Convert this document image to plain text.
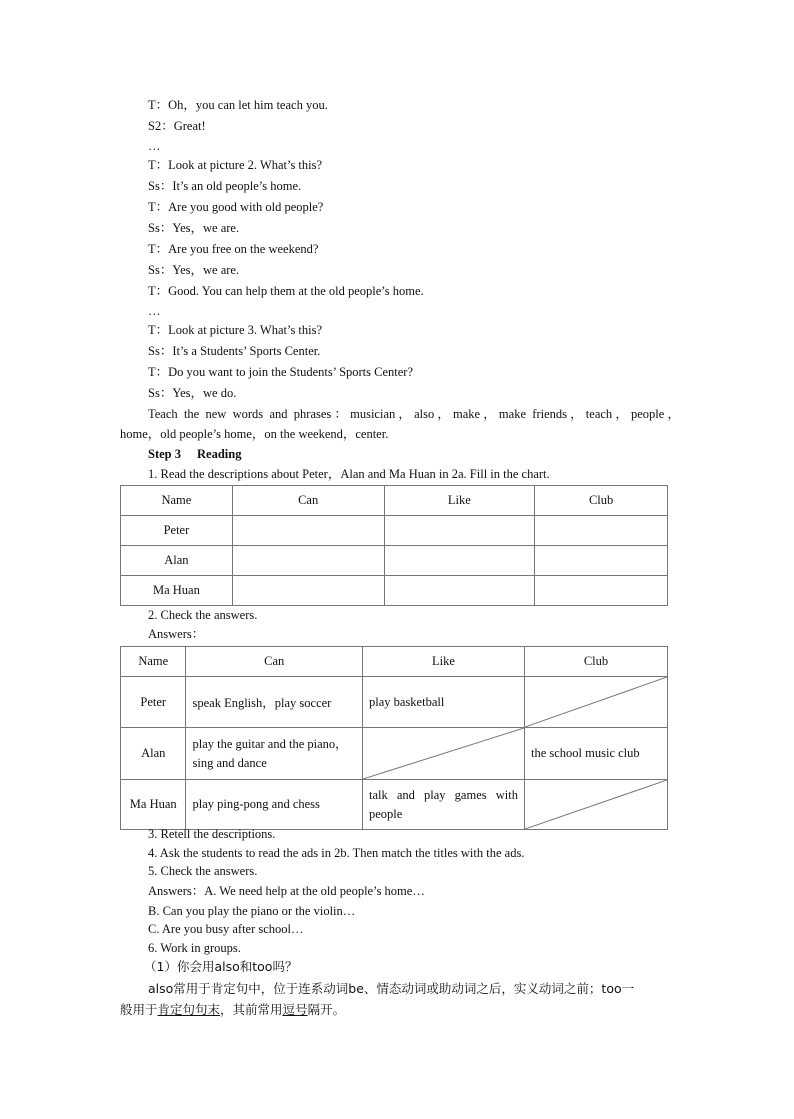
T：Oh，you can let him teach you.
S2：Great!
…
T：Look at picture 2. What’s this?
Ss：It’s an old people’s home.
T：Are you good with old people?
Ss：Yes，we are.
T：Are you free on the weekend?
Ss：Yes，we are.
T：Good. You can help them at the old people’s home.
…
T：Look at picture 3. What’s this?
Ss：It’s a Students’ Sports Center.
T：Do you want to join the Students’ Sports Center?
Ss：Yes，we do.
Teach the new words and phrases：musician，also，make，make friends，teach，people，
home，old people’s home，on the weekend，center.
Step 3 Reading
1. Read the descriptions about Peter，Alan and Ma Huan in 2a. Fill in the chart.
Name	Can	Like	Club
Peter			
Alan			
Ma Huan			
2. Check the answers.
Answers：
Name	Can	Like	Club
Peter	speak English，play soccer	play basketball	

Alan	play the guitar and the piano，
sing and dance		the school music club
Ma Huan	play ping-pong and chess	talk and play games with
people

3. Retell the descriptions.
4. Ask the students to read the ads in 2b. Then match the titles with the ads.
5. Check the answers.
Answers：A. We need help at the old people’s home…
B. Can you play the piano or the violin…
C. Are you busy after school…
6. Work in groups.
（1）你会用also和too吗？
also常用于肯定句中，位于连系动词be、情态动词或助动词之后，实义动词之前；too一
般用于肯定句句末，其前常用逗号隔开。
